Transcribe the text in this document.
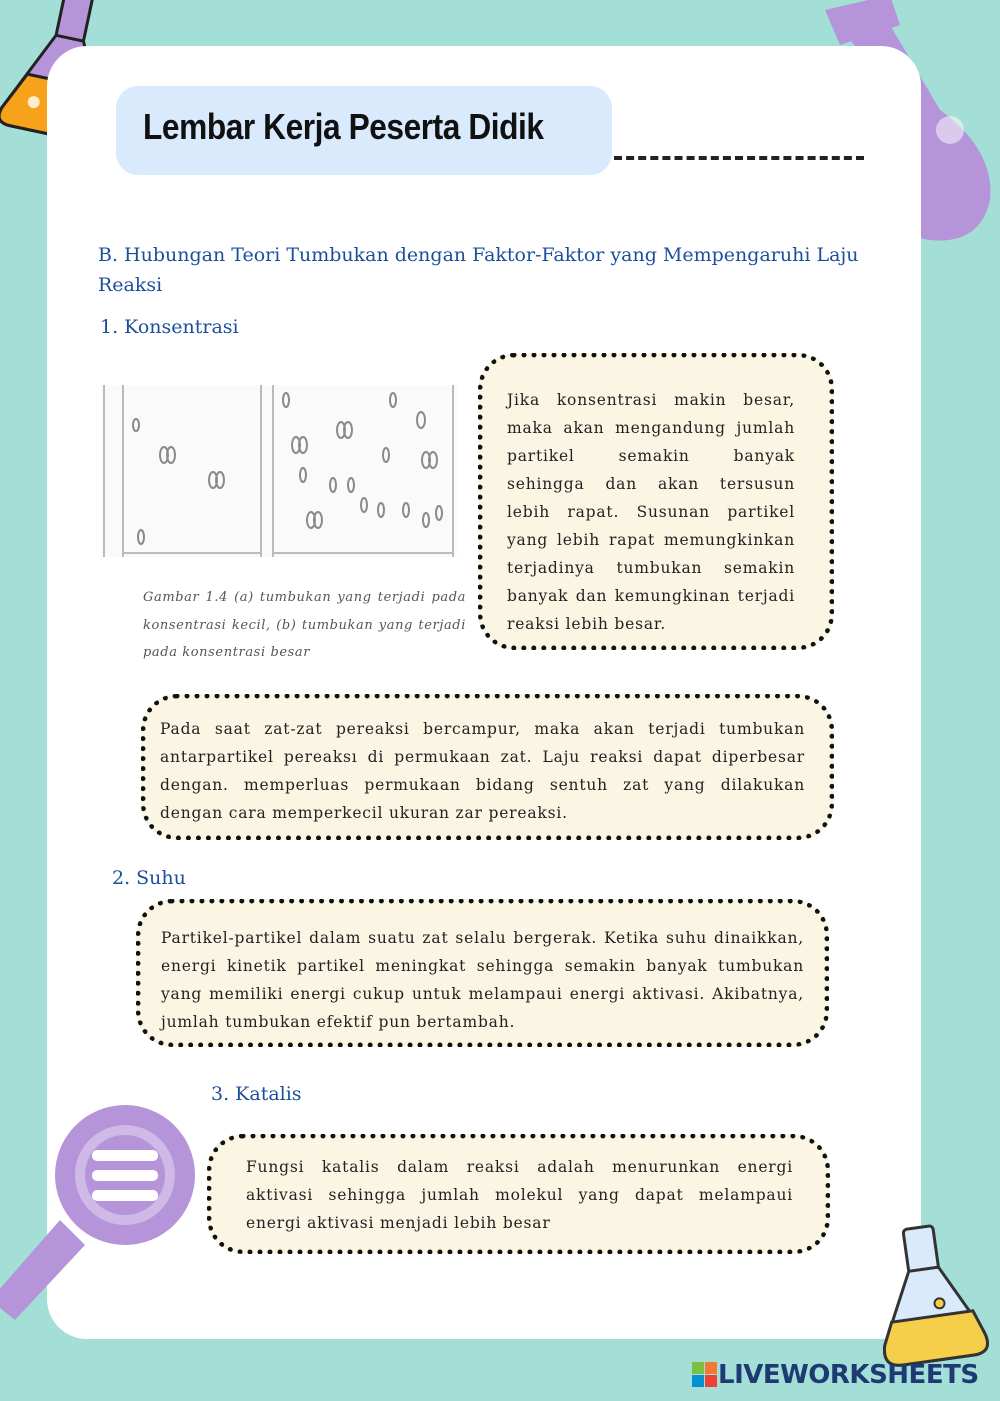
Lembar Kerja Peserta Didik
B. Hubungan Teori Tumbukan dengan Faktor-Faktor yang Mempengaruhi Laju Reaksi
1. Konsentrasi
Gambar 1.4 (a) tumbukan yang terjadi pada konsentrasi kecil, (b) tumbukan yang terjadi pada konsentrasi besar
Jika konsentrasi makin besar, maka akan mengandung jumlah partikel semakin banyak sehingga dan akan tersusun lebih rapat. Susunan partikel yang lebih rapat memungkinkan terjadinya tumbukan semakin banyak dan kemungkinan terjadi reaksi lebih besar.
Pada saat zat-zat pereaksi bercampur, maka akan terjadi tumbukan antarpartikel pereaksı di permukaan zat. Laju reaksi dapat diperbesar dengan. memperluas permukaan bidang sentuh zat yang dilakukan dengan cara memperkecil ukuran zar pereaksi.
2. Suhu
Partikel-partikel dalam suatu zat selalu bergerak. Ketika suhu dinaikkan, energi kinetik partikel meningkat sehingga semakin banyak tumbukan yang memiliki energi cukup untuk melampaui energi aktivasi. Akibatnya, jumlah tumbukan efektif pun bertambah.
3. Katalis
Fungsi katalis dalam reaksi adalah menurunkan energi aktivasi sehingga jumlah molekul yang dapat melampaui energi aktivasi menjadi lebih besar
LIVEWORKSHEETS
